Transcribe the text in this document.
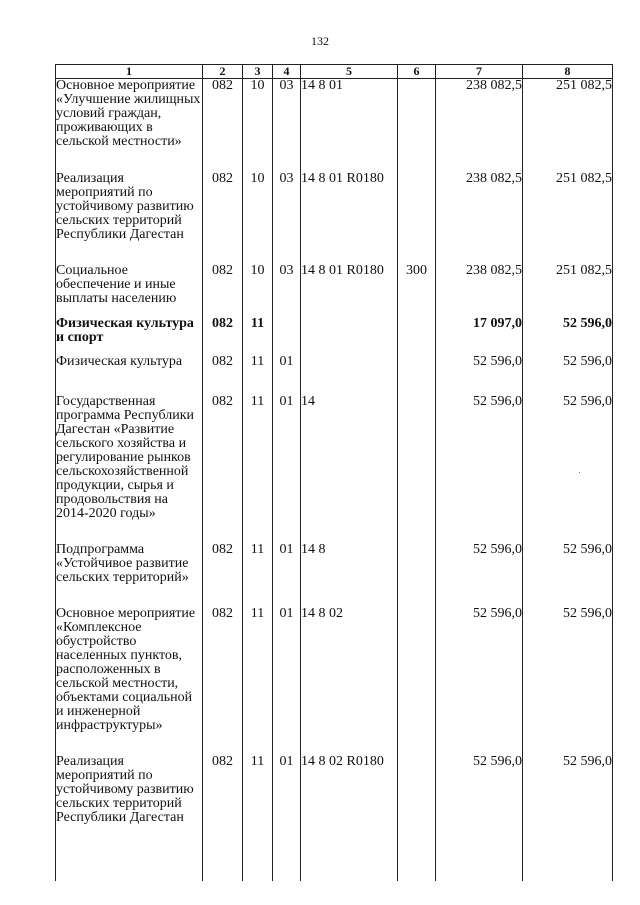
132
1	2	3	4	5	6	7	8
Основное мероприятие «Улучшение жилищных условий граждан, проживающих в сельской местности»	082	10	03	14 8 01		238 082,5	251 082,5
Реализация мероприятий по устойчивому развитию сельских территорий Республики Дагестан	082	10	03	14 8 01 R0180		238 082,5	251 082,5
Социальное обеспечение и иные выплаты населению	082	10	03	14 8 01 R0180	300	238 082,5	251 082,5
Физическая культура и спорт	082	11				17 097,0	52 596,0
Физическая культура	082	11	01			52 596,0	52 596,0
Государственная программа Республики Дагестан «Развитие сельского хозяйства и регулирование рынков сельскохозяйственной продукции, сырья и продовольствия на 2014-2020 годы»	082	11	01	14		52 596,0	52 596,0
Подпрограмма «Устойчивое развитие сельских территорий»	082	11	01	14 8		52 596,0	52 596,0
Основное мероприятие «Комплексное обустройство населенных пунктов, расположенных в сельской местности, объектами социальной и инженерной инфраструктуры»	082	11	01	14 8 02		52 596,0	52 596,0
Реализация мероприятий по устойчивому развитию сельских территорий Республики Дагестан	082	11	01	14 8 02 R0180		52 596,0	52 596,0
